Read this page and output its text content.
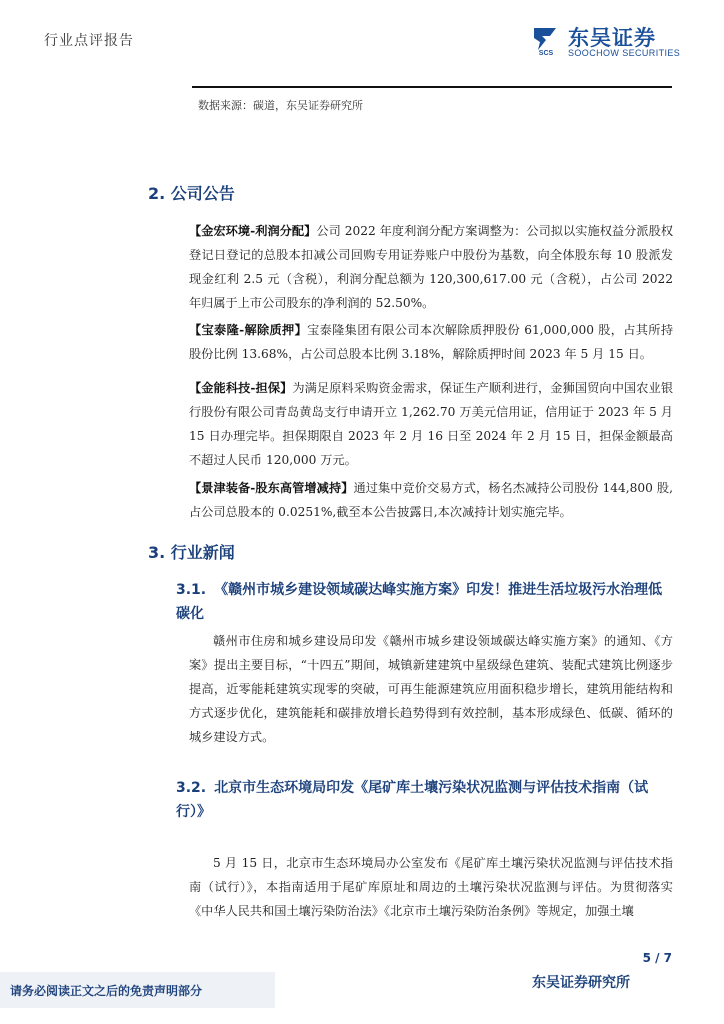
行业点评报告
SCS
东吴证券
SOOCHOW SECURITIES
数据来源：碳道，东吴证券研究所
2. 公司公告
【金宏环境-利润分配】公司 2022 年度利润分配方案调整为：公司拟以实施权益分派股权登记日登记的总股本扣减公司回购专用证券账户中股份为基数，向全体股东每 10 股派发现金红利 2.5 元（含税），利润分配总额为 120,300,617.00 元（含税），占公司 2022 年归属于上市公司股东的净利润的 52.50%。
【宝泰隆-解除质押】宝泰隆集团有限公司本次解除质押股份 61,000,000 股，占其所持股份比例 13.68%，占公司总股本比例 3.18%，解除质押时间 2023 年 5 月 15 日。
【金能科技-担保】为满足原料采购资金需求，保证生产顺利进行，金狮国贸向中国农业银行股份有限公司青岛黄岛支行申请开立 1,262.70 万美元信用证，信用证于 2023 年 5 月 15 日办理完毕。担保期限自 2023 年 2 月 16 日至 2024 年 2 月 15 日，担保金额最高不超过人民币 120,000 万元。
【景津装备-股东高管增减持】通过集中竞价交易方式，杨名杰减持公司股份 144,800 股,占公司总股本的 0.0251%,截至本公告披露日,本次减持计划实施完毕。
3. 行业新闻
3.1. 《赣州市城乡建设领域碳达峰实施方案》印发！推进生活垃圾污水治理低碳化
赣州市住房和城乡建设局印发《赣州市城乡建设领域碳达峰实施方案》的通知、《方案》提出主要目标，“十四五”期间，城镇新建建筑中星级绿色建筑、装配式建筑比例逐步提高，近零能耗建筑实现零的突破，可再生能源建筑应用面积稳步增长，建筑用能结构和方式逐步优化，建筑能耗和碳排放增长趋势得到有效控制，基本形成绿色、低碳、循环的城乡建设方式。
3.2. 北京市生态环境局印发《尾矿库土壤污染状况监测与评估技术指南（试行）》
5 月 15 日，北京市生态环境局办公室发布《尾矿库土壤污染状况监测与评估技术指南（试行）》，本指南适用于尾矿库原址和周边的土壤污染状况监测与评估。为贯彻落实《中华人民共和国土壤污染防治法》《北京市土壤污染防治条例》等规定，加强土壤
5 / 7
请务必阅读正文之后的免责声明部分	东吴证券研究所
